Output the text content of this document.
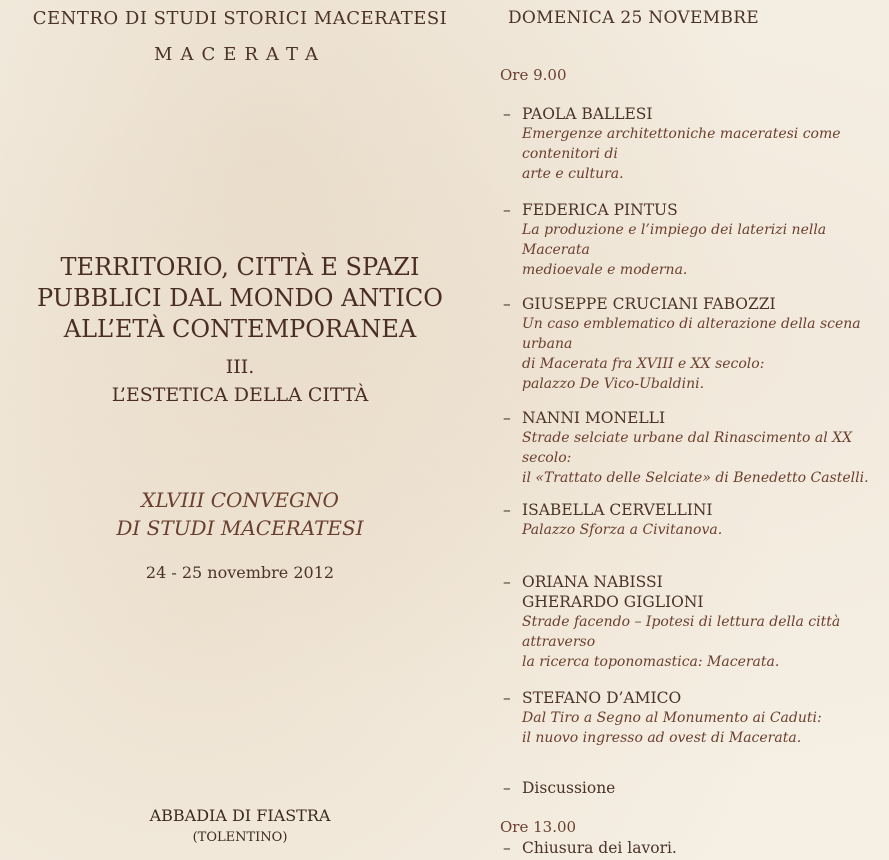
CENTRO DI STUDI STORICI MACERATESI
MACERATA
TERRITORIO, CITTÀ E SPAZI
PUBBLICI DAL MONDO ANTICO
ALL’ETÀ CONTEMPORANEA
III.
L’ESTETICA DELLA CITTÀ
XLVIII CONVEGNO
DI STUDI MACERATESI
24 - 25 novembre 2012
ABBADIA DI FIASTRA
(TOLENTINO)
DOMENICA 25 NOVEMBRE
Ore 9.00
– PAOLA BALLESI
Emergenze architettoniche maceratesi come contenitori di
arte e cultura.
– FEDERICA PINTUS
La produzione e l’impiego dei laterizi nella Macerata
medioevale e moderna.
– GIUSEPPE CRUCIANI FABOZZI
Un caso emblematico di alterazione della scena urbana
di Macerata fra XVIII e XX secolo:
palazzo De Vico-Ubaldini.
– NANNI MONELLI
Strade selciate urbane dal Rinascimento al XX secolo:
il «Trattato delle Selciate» di Benedetto Castelli.
– ISABELLA CERVELLINI
Palazzo Sforza a Civitanova.
– ORIANA NABISSI
GHERARDO GIGLIONI
Strade facendo – Ipotesi di lettura della città attraverso
la ricerca toponomastica: Macerata.
– STEFANO D’AMICO
Dal Tiro a Segno al Monumento ai Caduti:
il nuovo ingresso ad ovest di Macerata.
– Discussione
Ore 13.00
– Chiusura dei lavori.
